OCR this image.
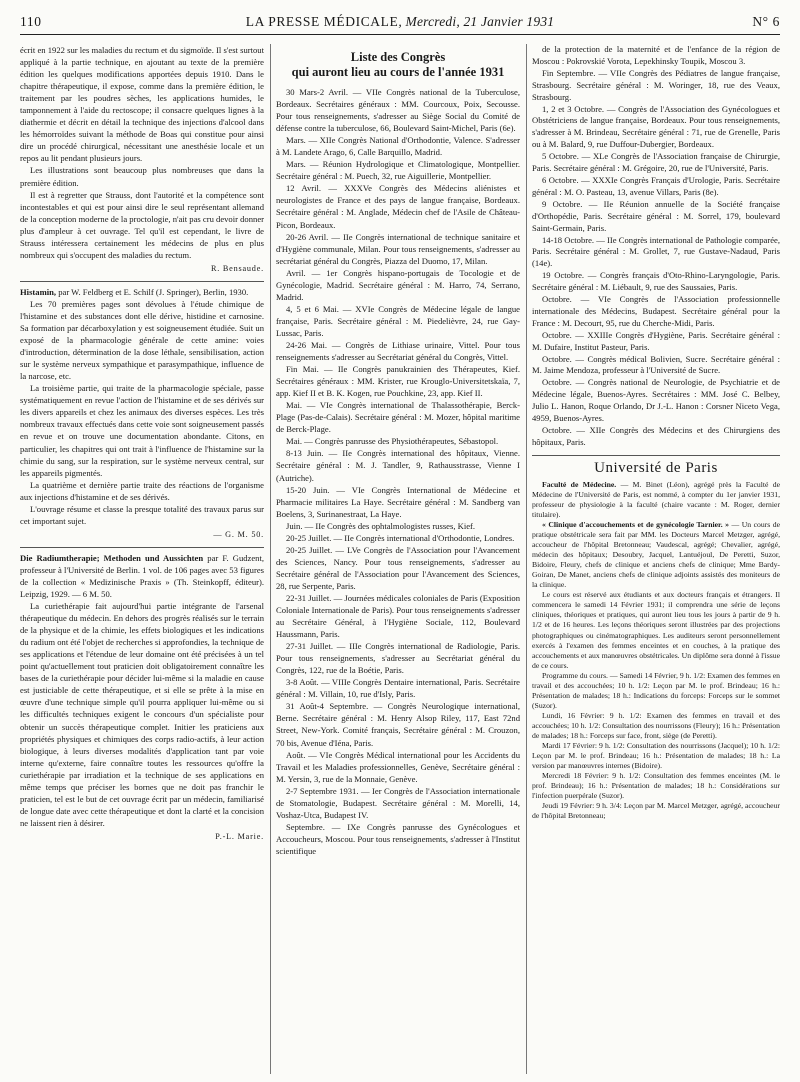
110	LA PRESSE MÉDICALE, Mercredi, 21 Janvier 1931	N° 6

écrit en 1922 sur les maladies du rectum et du sigmoïde. Il s'est surtout appliqué à la partie technique, en ajoutant au texte de la première édition les quelques modifications apportées depuis 1910. Dans le chapitre thérapeutique, il expose, comme dans la première édition, le traitement par les poudres sèches, les applications humides, le tamponnement à l'aide du rectoscope; il consacre quelques lignes à la diathermie et décrit en détail la technique des injections d'alcool dans les hémorroïdes suivant la méthode de Boas qui constitue pour ainsi dire un procédé chirurgical, nécessitant une anesthésie locale et un repos au lit pendant plusieurs jours.

Les illustrations sont beaucoup plus nombreuses que dans la première édition.

Il est à regretter que Strauss, dont l'autorité et la compétence sont incontestables et qui est pour ainsi dire le seul représentant allemand de la conception moderne de la proctologie, n'ait pas cru devoir donner plus d'ampleur à cet ouvrage. Tel qu'il est cependant, le livre de Strauss intéressera certainement les médecins de plus en plus nombreux qui s'occupent des maladies du rectum.

R. Bensaude.

Histamin, par W. Feldberg et E. Schilf (J. Springer), Berlin, 1930.

Les 70 premières pages sont dévolues à l'étude chimique de l'histamine et des substances dont elle dérive, histidine et carnosine. Sa formation par décarboxylation y est soigneusement étudiée. Suit un exposé de la pharmacologie générale de cette amine: voies d'introduction, détermination de la dose léthale, sensibilisation, action sur le système nerveux sympathique et parasympathique, influence de la narcose, etc.

La troisième partie, qui traite de la pharmacologie spéciale, passe systématiquement en revue l'action de l'histamine et de ses dérivés sur les divers appareils et chez les animaux des diverses espèces. Les très nombreux travaux effectués dans cette voie sont soigneusement passés en revue et on trouve une documentation abondante. Citons, en particulier, les chapitres qui ont trait à l'influence de l'histamine sur la chimie du sang, sur la respiration, sur le système nerveux central, sur les appareils pigmentés.

La quatrième et dernière partie traite des réactions de l'organisme aux injections d'histamine et de ses dérivés.

L'ouvrage résume et classe la presque totalité des travaux parus sur cet important sujet.

— G. M. 50.

Die Radiumtherapie; Methoden und Aussichten par F. Gudzent, professeur à l'Université de Berlin. 1 vol. de 106 pages avec 53 figures de la collection « Medizinische Praxis » (Th. Steinkopff, éditeur). Leipzig, 1929. — 6 M. 50.

La curiethérapie fait aujourd'hui partie intégrante de l'arsenal thérapeutique du médecin. En dehors des progrès réalisés sur le terrain de la physique et de la chimie, les effets biologiques et les indications du radium ont été l'objet de recherches si approfondies, la technique de ses applications et l'étendue de leur domaine ont été précisées à un tel point qu'actuellement tout praticien doit obligatoirement connaître les bases de la curiethérapie pour décider lui-même si la maladie en cause est justiciable de cette thérapeutique, et si elle se prête à la mise en œuvre d'une technique simple qu'il pourra appliquer lui-même ou si les difficultés techniques exigent le concours d'un spécialiste pour obtenir un succès thérapeutique complet. Initier les praticiens aux propriétés physiques et chimiques des corps radio-actifs, à leur action biologique, à leurs diverses modalités d'application tant par voie interne qu'externe, faire connaître toutes les ressources qu'offre la curiethérapie par irradiation et la technique de ses applications en même temps que préciser les bornes que ne doit pas franchir le praticien, tel est le but de cet ouvrage écrit par un médecin, familiarisé de longue date avec cette thérapeutique et dont la clarté et la concision ne laissent rien à désirer.

P.-L. Marie.

Liste des Congrès
qui auront lieu au cours de l'année 1931

30 Mars-2 Avril. — VIIe Congrès national de la Tuberculose, Bordeaux. Secrétaires généraux : MM. Courcoux, Poix, Secousse. Pour tous renseignements, s'adresser au Siège Social du Comité de défense contre la tuberculose, 66, Boulevard Saint-Michel, Paris (6e).

Mars. — XIIe Congrès National d'Orthodontie, Valence. S'adresser à M. Landete Arago, 6, Calle Barquillo, Madrid.

Mars. — Réunion Hydrologique et Climatologique, Montpellier. Secrétaire général : M. Puech, 32, rue Aiguillerie, Montpellier.

12 Avril. — XXXVe Congrès des Médecins aliénistes et neurologistes de France et des pays de langue française, Bordeaux. Secrétaire général : M. Anglade, Médecin chef de l'Asile de Château-Picon, Bordeaux.

20-26 Avril. — IIe Congrès international de technique sanitaire et d'Hygiène communale, Milan. Pour tous renseignements, s'adresser au secrétariat général du Congrès, Piazza del Duomo, 17, Milan.

Avril. — 1er Congrès hispano-portugais de Tocologie et de Gynécologie, Madrid. Secrétaire général : M. Harro, 74, Serrano, Madrid.

4, 5 et 6 Mai. — XVIe Congrès de Médecine légale de langue française, Paris. Secrétaire général : M. Piedelièvre, 24, rue Gay-Lussac, Paris.

24-26 Mai. — Congrès de Lithiase urinaire, Vittel. Pour tous renseignements s'adresser au Secrétariat général du Congrès, Vittel.

Fin Mai. — IIe Congrès panukrainien des Thérapeutes, Kief. Secrétaires généraux : MM. Krister, rue Krouglo-Universitetskaïa, 7, app. Kief II et B. K. Kogen, rue Pouchkine, 23, app. Kief II.

Mai. — VIe Congrès international de Thalassothérapie, Berck-Plage (Pas-de-Calais). Secrétaire général : M. Mozer, hôpital maritime de Berck-Plage.

Mai. — Congrès panrusse des Physiothérapeutes, Sébastopol.

8-13 Juin. — IIe Congrès international des hôpitaux, Vienne. Secrétaire général : M. J. Tandler, 9, Rathausstrasse, Vienne I (Autriche).

15-20 Juin. — VIe Congrès International de Médecine et Pharmacie militaires La Haye. Secrétaire général : M. Sandberg van Boelens, 3, Surinanestraat, La Haye.

Juin. — IIe Congrès des ophtalmologistes russes, Kief.

20-25 Juillet. — IIe Congrès international d'Orthodontie, Londres.

20-25 Juillet. — LVe Congrès de l'Association pour l'Avancement des Sciences, Nancy. Pour tous renseignements, s'adresser au Secrétaire général de l'Association pour l'Avancement des Sciences, 28, rue Serpente, Paris.

22-31 Juillet. — Journées médicales coloniales de Paris (Exposition Coloniale Internationale de Paris). Pour tous renseignements s'adresser au Secrétaire Général, à l'Hygiène Sociale, 112, Boulevard Haussmann, Paris.

27-31 Juillet. — IIIe Congrès international de Radiologie, Paris. Pour tous renseignements, s'adresser au Secrétariat général du Congrès, 122, rue de la Boétie, Paris.

3-8 Août. — VIIIe Congrès Dentaire international, Paris. Secrétaire général : M. Villain, 10, rue d'Isly, Paris.

31 Août-4 Septembre. — Congrès Neurologique international, Berne. Secrétaire général : M. Henry Alsop Riley, 117, East 72nd Street, New-York. Comité français, Secrétaire général : M. Crouzon, 70 bis, Avenue d'Iéna, Paris.

Août. — VIe Congrès Médical international pour les Accidents du Travail et les Maladies professionnelles, Genève, Secrétaire général : M. Yersin, 3, rue de la Monnaie, Genève.

2-7 Septembre 1931. — Ier Congrès de l'Association internationale de Stomatologie, Budapest. Secrétaire général : M. Morelli, 14, Voshaz-Utca, Budapest IV.

Septembre. — IXe Congrès panrusse des Gynécologues et Accoucheurs, Moscou. Pour tous renseignements, s'adresser à l'Institut scientifique

de la protection de la maternité et de l'enfance de la région de Moscou : Pokrovskié Vorota, Lepekhinsky Toupik, Moscou 3.

Fin Septembre. — VIIe Congrès des Pédiatres de langue française, Strasbourg. Secrétaire général : M. Woringer, 18, rue des Veaux, Strasbourg.

1, 2 et 3 Octobre. — Congrès de l'Association des Gynécologues et Obstétriciens de langue française, Bordeaux. Pour tous renseignements, s'adresser à M. Brindeau, Secrétaire général : 71, rue de Grenelle, Paris ou à M. Balard, 9, rue Duffour-Dubergier, Bordeaux.

5 Octobre. — XLe Congrès de l'Association française de Chirurgie, Paris. Secrétaire général : M. Grégoire, 20, rue de l'Université, Paris.

6 Octobre. — XXXIe Congrès Français d'Urologie, Paris. Secrétaire général : M. O. Pasteau, 13, avenue Villars, Paris (8e).

9 Octobre. — IIe Réunion annuelle de la Société française d'Orthopédie, Paris. Secrétaire général : M. Sorrel, 179, boulevard Saint-Germain, Paris.

14-18 Octobre. — IIe Congrès international de Pathologie comparée, Paris. Secrétaire général : M. Grollet, 7, rue Gustave-Nadaud, Paris (14e).

19 Octobre. — Congrès français d'Oto-Rhino-Laryngologie, Paris. Secrétaire général : M. Liébault, 9, rue des Saussaies, Paris.

Octobre. — VIe Congrès de l'Association professionnelle internationale des Médecins, Budapest. Secrétaire général pour la France : M. Decourt, 95, rue du Cherche-Midi, Paris.

Octobre. — XXIIIe Congrès d'Hygiène, Paris. Secrétaire général : M. Dufaire, Institut Pasteur, Paris.

Octobre. — Congrès médical Bolivien, Sucre. Secrétaire général : M. Jaime Mendoza, professeur à l'Université de Sucre.

Octobre. — Congrès national de Neurologie, de Psychiatrie et de Médecine légale, Buenos-Ayres. Secrétaires : MM. José C. Belbey, Julio L. Hanon, Roque Orlando, Dr J.-L. Hanon : Corsner Niceto Vega, 4959, Buenos-Ayres.

Octobre. — XIIe Congrès des Médecins et des Chirurgiens des hôpitaux, Paris.

Université de Paris

Faculté de Médecine. — M. Binet (Léon), agrégé près la Faculté de Médecine de l'Université de Paris, est nommé, à compter du 1er janvier 1931, professeur de physiologie à la faculté (chaire vacante : M. Roger, dernier titulaire).

« Clinique d'accouchements et de gynécologie Tarnier. » — Un cours de pratique obstétricale sera fait par MM. les Docteurs Marcel Metzger, agrégé, accoucheur de l'hôpital Bretonneau; Vaudescal, agrégé; Chevalier, agrégé, médecin des hôpitaux; Desoubry, Jacquel, Lantuéjoul, De Peretti, Suzor, Bidoire, Fleury, chefs de clinique et anciens chefs de clinique; Mme Bardy-Goiran, De Manet, anciens chefs de clinique adjoints assistés des moniteurs de la clinique.

Le cours est réservé aux étudiants et aux docteurs français et étrangers. Il commencera le samedi 14 Février 1931; il comprendra une série de leçons cliniques, théoriques et pratiques, qui auront lieu tous les jours à partir de 9 h. 1/2 et de 16 heures. Les leçons théoriques seront illustrées par des projections photographiques ou cinématographiques. Les auditeurs seront personnellement exercés à l'examen des femmes enceintes et en couches, à la pratique des accouchements et aux manœuvres obstétricales. Un diplôme sera donné à l'issue de ce cours.

Programme du cours. — Samedi 14 Février, 9 h. 1/2: Examen des femmes en travail et des accouchées; 10 h. 1/2: Leçon par M. le prof. Brindeau; 16 h.: Présentation de malades; 18 h.: Indications du forceps: Forceps sur le sommet (Suzor).

Lundi, 16 Février: 9 h. 1/2: Examen des femmes en travail et des accouchées; 10 h. 1/2: Consultation des nourrissons (Fleury); 16 h.: Présentation de malades; 18 h.: Forceps sur face, front, siège (de Peretti).

Mardi 17 Février: 9 h. 1/2: Consultation des nourrissons (Jacquel); 10 h. 1/2: Leçon par M. le prof. Brindeau; 16 h.: Présentation de malades; 18 h.: La version par manœuvres internes (Bidoire).

Mercredi 18 Février: 9 h. 1/2: Consultation des femmes enceintes (M. le prof. Brindeau); 16 h.: Présentation de malades; 18 h.: Considérations sur l'infection puerpérale (Suzor).

Jeudi 19 Février: 9 h. 3/4: Leçon par M. Marcel Metzger, agrégé, accoucheur de l'hôpital Bretonneau;
